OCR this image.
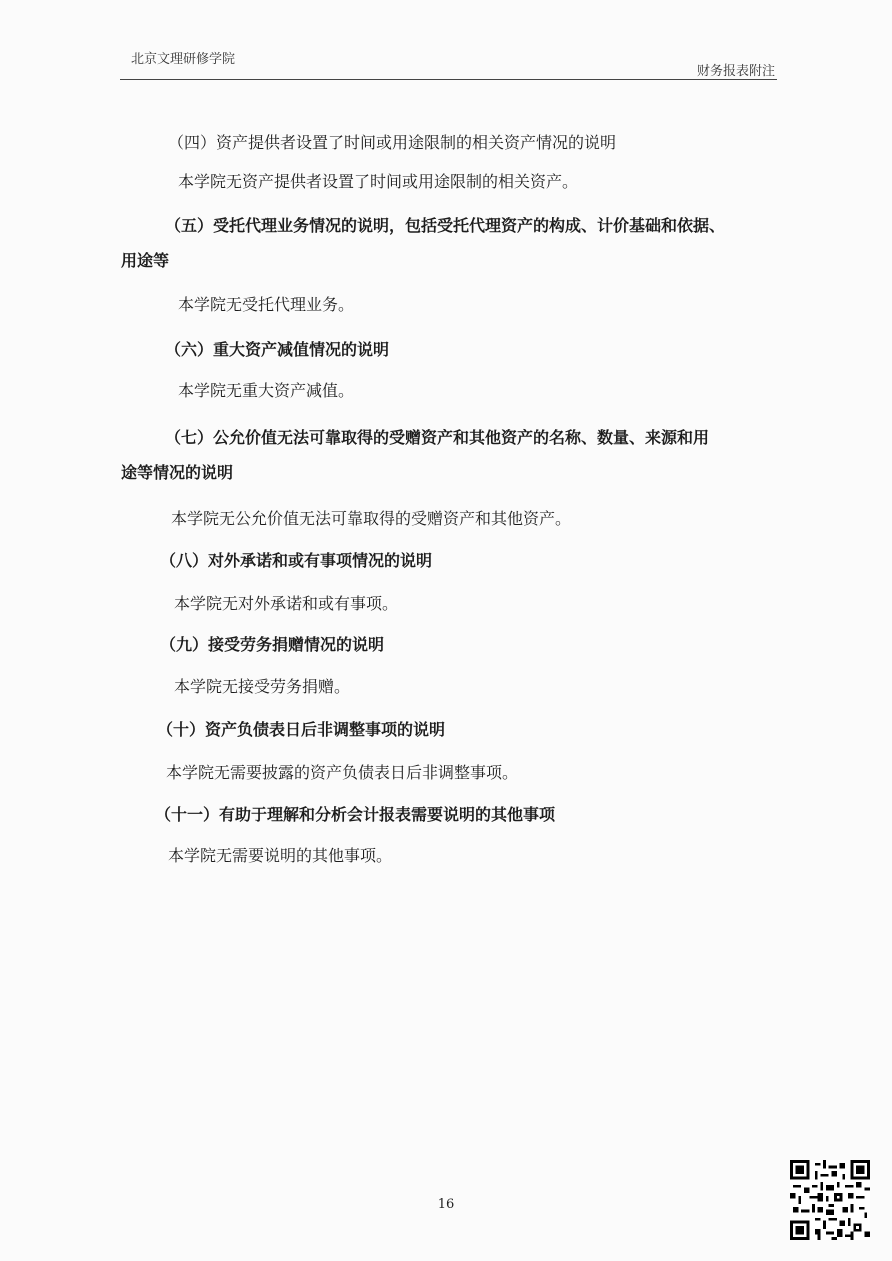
北京文理研修学院
财务报表附注
（四）资产提供者设置了时间或用途限制的相关资产情况的说明
本学院无资产提供者设置了时间或用途限制的相关资产。
（五）受托代理业务情况的说明，包括受托代理资产的构成、计价基础和依据、
用途等
本学院无受托代理业务。
（六）重大资产减值情况的说明
本学院无重大资产减值。
（七）公允价值无法可靠取得的受赠资产和其他资产的名称、数量、来源和用
途等情况的说明
本学院无公允价值无法可靠取得的受赠资产和其他资产。
（八）对外承诺和或有事项情况的说明
本学院无对外承诺和或有事项。
（九）接受劳务捐赠情况的说明
本学院无接受劳务捐赠。
（十）资产负债表日后非调整事项的说明
本学院无需要披露的资产负债表日后非调整事项。
（十一）有助于理解和分析会计报表需要说明的其他事项
本学院无需要说明的其他事项。
16
